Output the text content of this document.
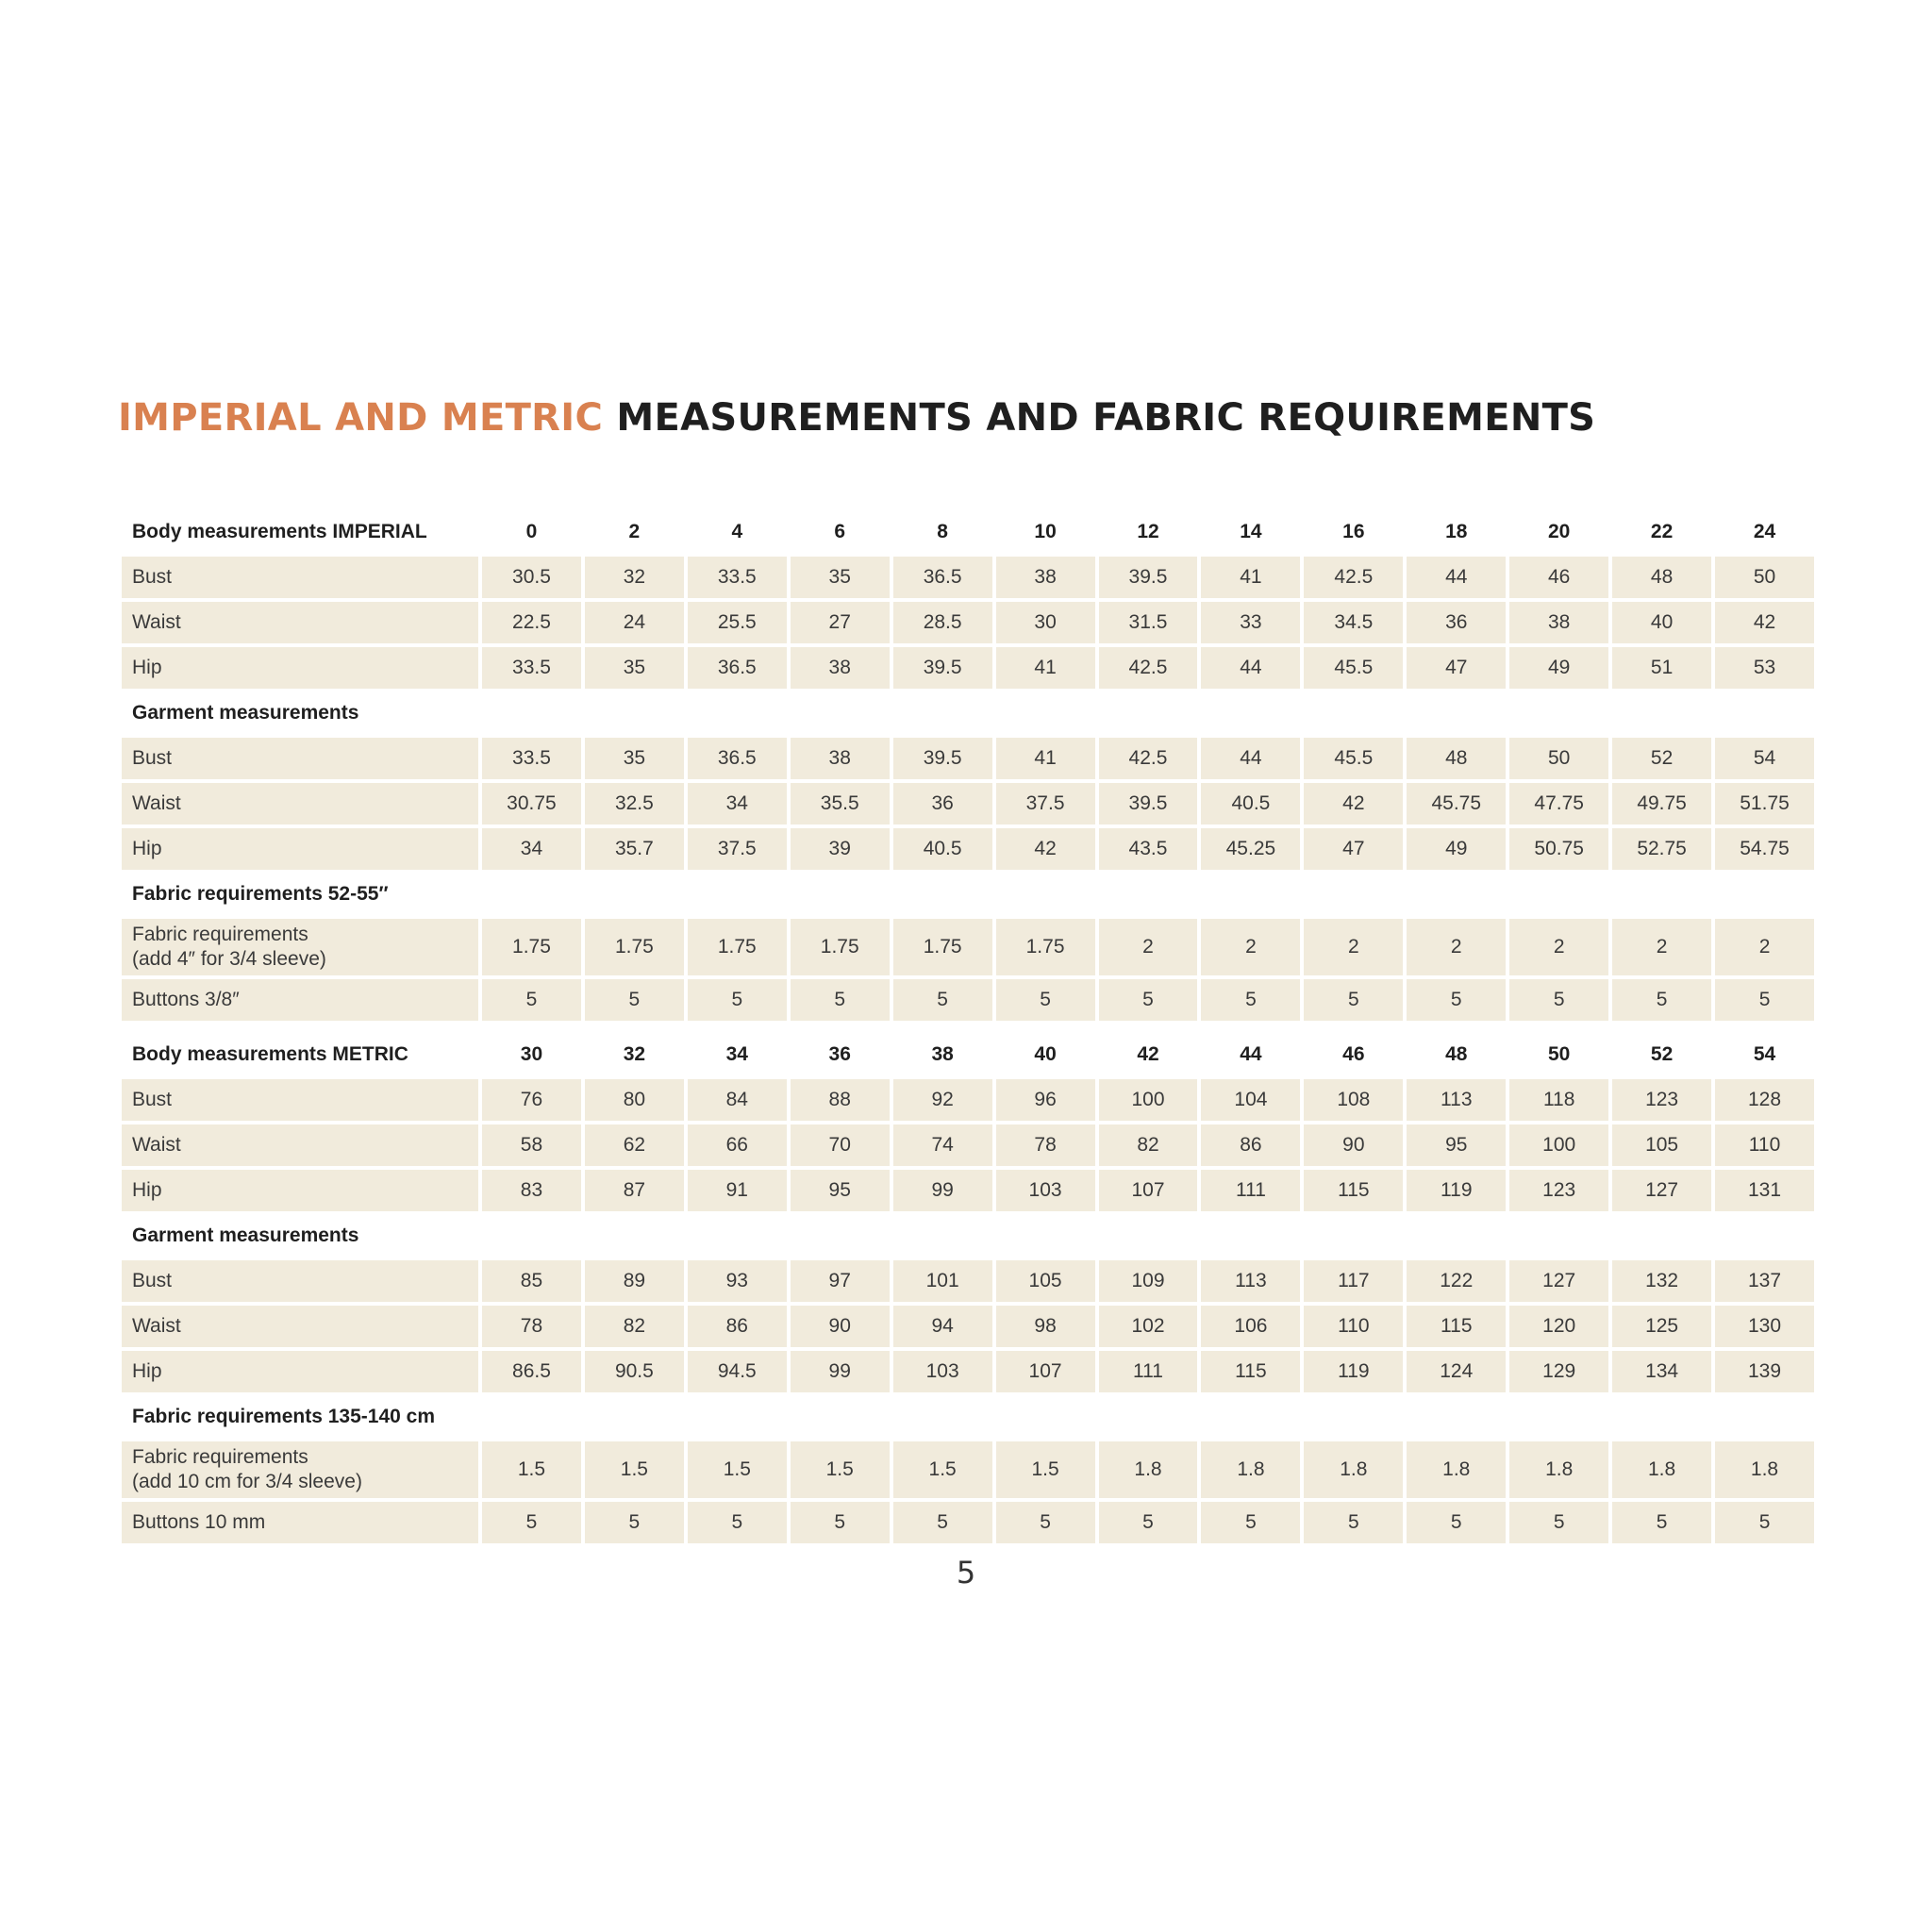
IMPERIAL AND METRIC MEASUREMENTS AND FABRIC REQUIREMENTS
Body measurements IMPERIAL	0	2	4	6	8	10	12	14	16	18	20	22	24
Bust	30.5	32	33.5	35	36.5	38	39.5	41	42.5	44	46	48	50
Waist	22.5	24	25.5	27	28.5	30	31.5	33	34.5	36	38	40	42
Hip	33.5	35	36.5	38	39.5	41	42.5	44	45.5	47	49	51	53
Garment measurements													
Bust	33.5	35	36.5	38	39.5	41	42.5	44	45.5	48	50	52	54
Waist	30.75	32.5	34	35.5	36	37.5	39.5	40.5	42	45.75	47.75	49.75	51.75
Hip	34	35.7	37.5	39	40.5	42	43.5	45.25	47	49	50.75	52.75	54.75
Fabric requirements 52-55″													
Fabric requirements
(add 4″ for 3/4 sleeve)	1.75	1.75	1.75	1.75	1.75	1.75	2	2	2	2	2	2	2
Buttons 3/8″	5	5	5	5	5	5	5	5	5	5	5	5	5
Body measurements METRIC	30	32	34	36	38	40	42	44	46	48	50	52	54
Bust	76	80	84	88	92	96	100	104	108	113	118	123	128
Waist	58	62	66	70	74	78	82	86	90	95	100	105	110
Hip	83	87	91	95	99	103	107	111	115	119	123	127	131
Garment measurements													
Bust	85	89	93	97	101	105	109	113	117	122	127	132	137
Waist	78	82	86	90	94	98	102	106	110	115	120	125	130
Hip	86.5	90.5	94.5	99	103	107	111	115	119	124	129	134	139
Fabric requirements 135-140 cm													
Fabric requirements
(add 10 cm for 3/4 sleeve)	1.5	1.5	1.5	1.5	1.5	1.5	1.8	1.8	1.8	1.8	1.8	1.8	1.8
Buttons 10 mm	5	5	5	5	5	5	5	5	5	5	5	5	5
5
